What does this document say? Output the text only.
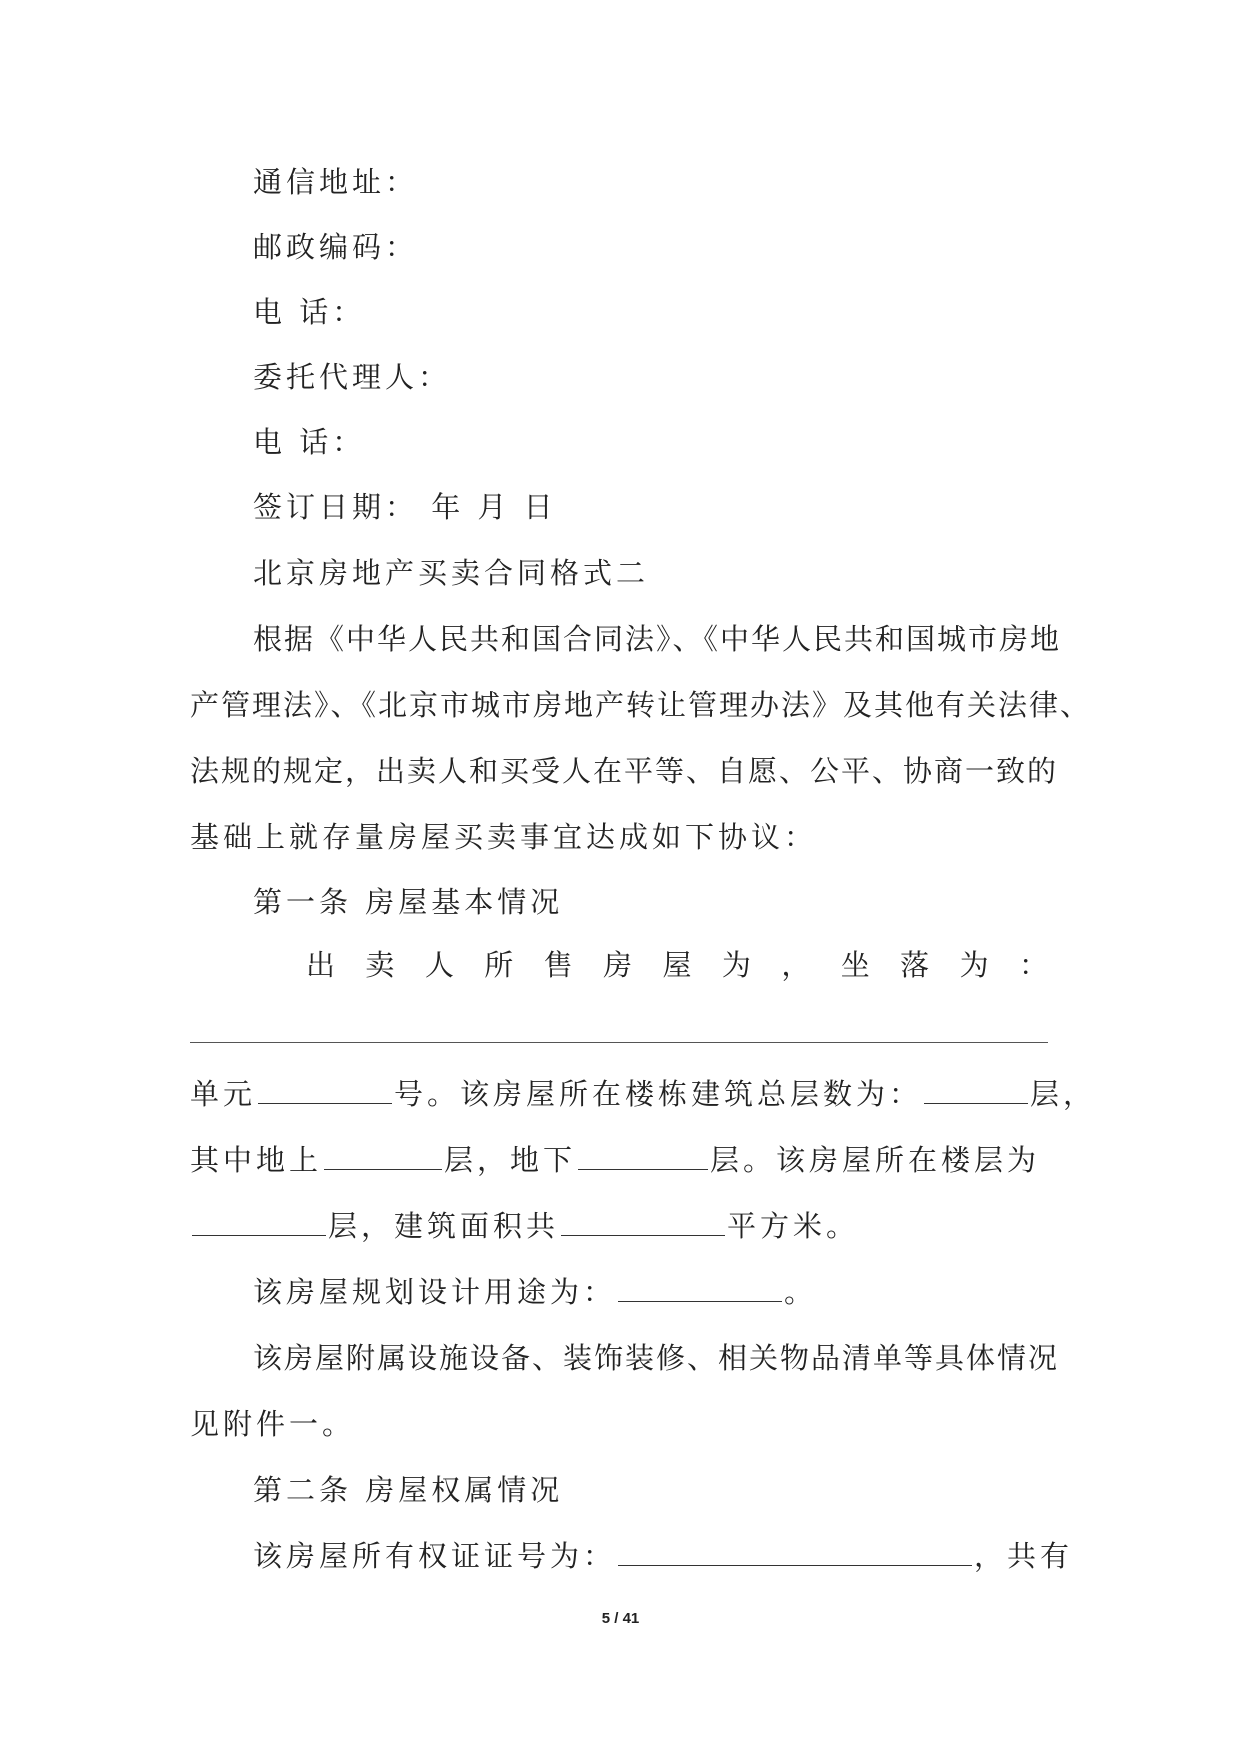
通信地址：
邮政编码：
电 话：
委托代理人：
电 话：
签订日期： 年 月 日
北京房地产买卖合同格式二
根据《中华人民共和国合同法》、《中华人民共和国城市房地
产管理法》、《北京市城市房地产转让管理办法》及其他有关法律、
法规的规定，出卖人和买受人在平等、自愿、公平、协商一致的
基础上就存量房屋买卖事宜达成如下协议：
第一条 房屋基本情况
出卖人所售房屋为，坐落为：
单元	号。该房屋所在楼栋建筑总层数为：	层，
其中地上	层，地下	层。该房屋所在楼层为
层，建筑面积共	平方米。
该房屋规划设计用途为：	。
该房屋附属设施设备、装饰装修、相关物品清单等具体情况
见附件一。
第二条 房屋权属情况
该房屋所有权证证号为：	，共有
5 / 41
